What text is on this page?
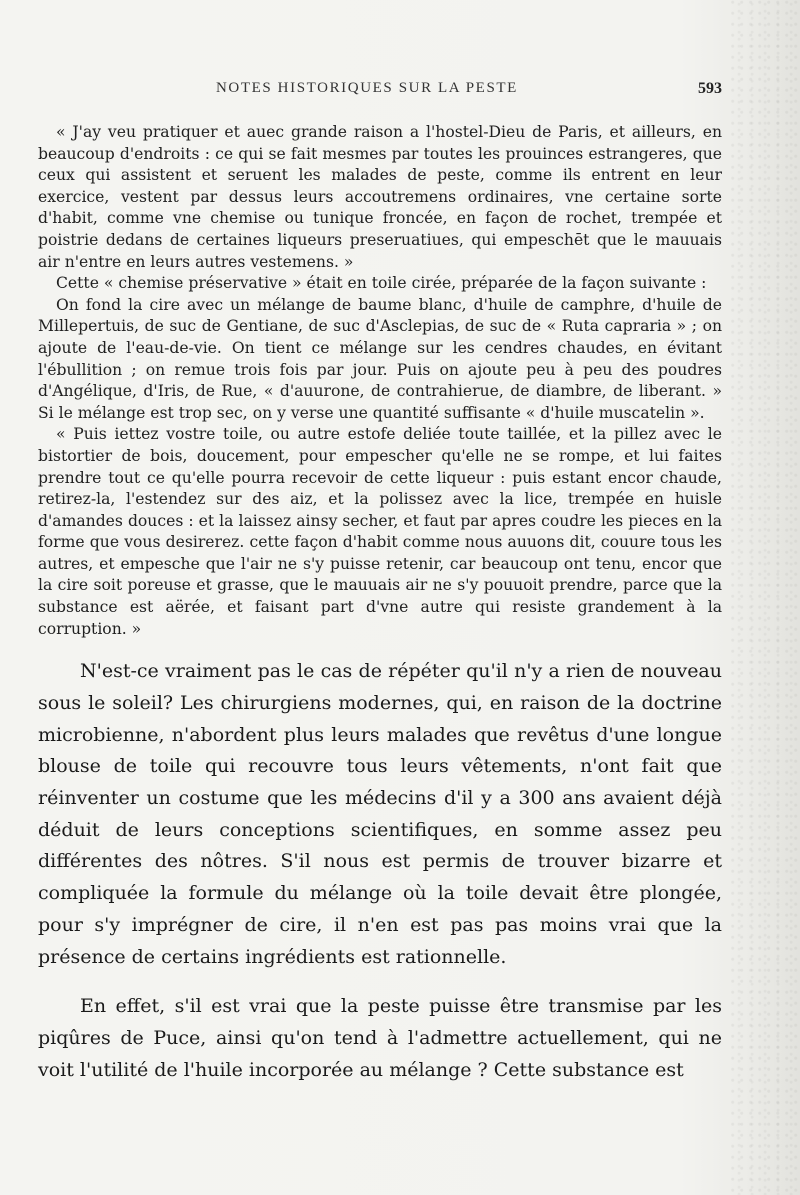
NOTES HISTORIQUES SUR LA PESTE	593

« J'ay veu pratiquer et auec grande raison a l'hostel-Dieu de Paris, et ailleurs, en beaucoup d'endroits : ce qui se fait mesmes par toutes les prouinces estrangeres, que ceux qui assistent et seruent les malades de peste, comme ils entrent en leur exercice, vestent par dessus leurs accoutremens ordinaires, vne certaine sorte d'habit, comme vne chemise ou tunique froncée, en façon de rochet, trempée et poistrie dedans de certaines liqueurs preseruatiues, qui empeschēt que le mauuais air n'entre en leurs autres vestemens. »

Cette « chemise préservative » était en toile cirée, préparée de la façon suivante :

On fond la cire avec un mélange de baume blanc, d'huile de camphre, d'huile de Millepertuis, de suc de Gentiane, de suc d'Asclepias, de suc de « Ruta capraria » ; on ajoute de l'eau-de-vie. On tient ce mélange sur les cendres chaudes, en évitant l'ébullition ; on remue trois fois par jour. Puis on ajoute peu à peu des poudres d'Angélique, d'Iris, de Rue, « d'auurone, de contrahierue, de diambre, de liberant. » Si le mélange est trop sec, on y verse une quantité suffisante « d'huile muscatelin ».

« Puis iettez vostre toile, ou autre estofe deliée toute taillée, et la pillez avec le bistortier de bois, doucement, pour empescher qu'elle ne se rompe, et lui faites prendre tout ce qu'elle pourra recevoir de cette liqueur : puis estant encor chaude, retirez-la, l'estendez sur des aiz, et la polissez avec la lice, trempée en huisle d'amandes douces : et la laissez ainsy secher, et faut par apres coudre les pieces en la forme que vous desirerez. cette façon d'habit comme nous auuons dit, couure tous les autres, et empesche que l'air ne s'y puisse retenir, car beaucoup ont tenu, encor que la cire soit poreuse et grasse, que le mauuais air ne s'y pouuoit prendre, parce que la substance est aërée, et faisant part d'vne autre qui resiste grandement à la corruption. »

N'est-ce vraiment pas le cas de répéter qu'il n'y a rien de nouveau sous le soleil? Les chirurgiens modernes, qui, en raison de la doctrine microbienne, n'abordent plus leurs malades que revêtus d'une longue blouse de toile qui recouvre tous leurs vêtements, n'ont fait que réinventer un costume que les médecins d'il y a 300 ans avaient déjà déduit de leurs conceptions scientifiques, en somme assez peu différentes des nôtres. S'il nous est permis de trouver bizarre et compliquée la formule du mélange où la toile devait être plongée, pour s'y imprégner de cire, il n'en est pas pas moins vrai que la présence de certains ingrédients est rationnelle.

En effet, s'il est vrai que la peste puisse être transmise par les piqûres de Puce, ainsi qu'on tend à l'admettre actuellement, qui ne voit l'utilité de l'huile incorporée au mélange ? Cette substance est
